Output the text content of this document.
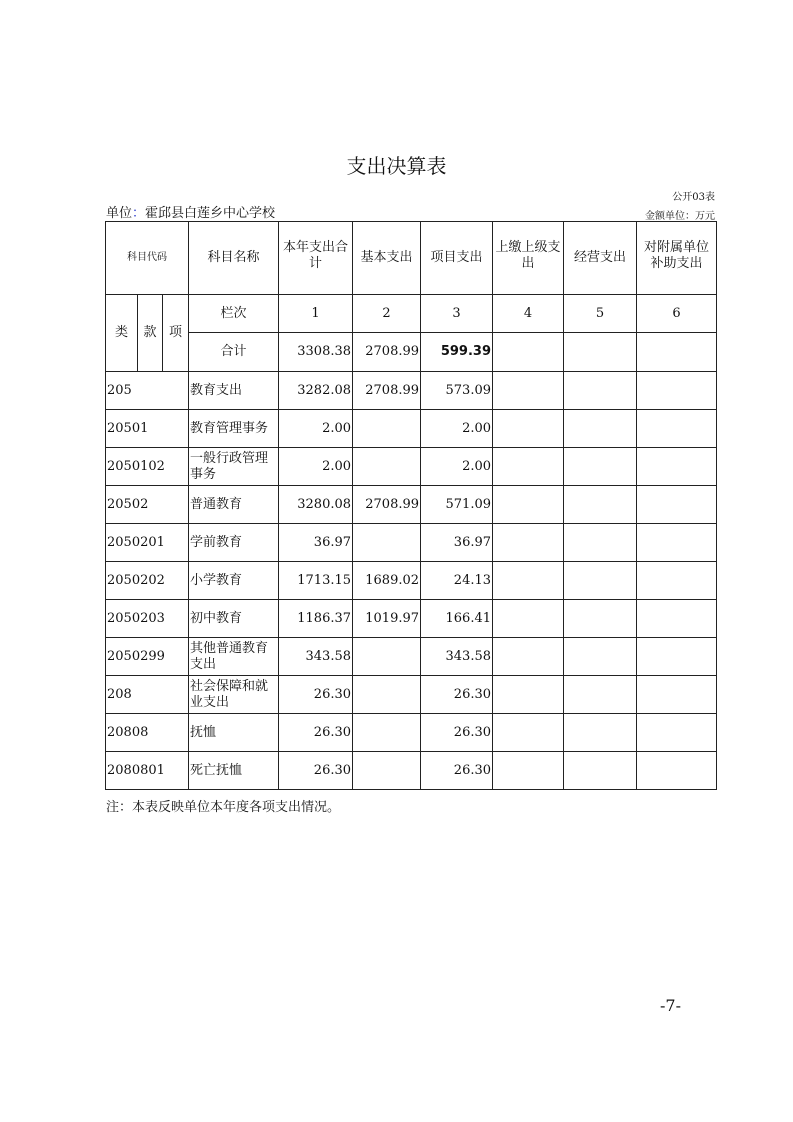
支出决算表
公开03表
单位：霍邱县白莲乡中心学校	金额单位：万元
科目代码			科目名称	本年支出合计	基本支出	项目支出	上缴上级支出	经营支出	对附属单位补助支出
类	款	项	栏次	1	2	3	4	5	6
			合计	3308.38	2708.99	599.39			
205			教育支出	3282.08	2708.99	573.09			
20501			教育管理事务	2.00		2.00			
2050102			一般行政管理事务	2.00		2.00			
20502			普通教育	3280.08	2708.99	571.09			
2050201			学前教育	36.97		36.97			
2050202			小学教育	1713.15	1689.02	24.13			
2050203			初中教育	1186.37	1019.97	166.41			
2050299			其他普通教育支出	343.58		343.58			
208			社会保障和就业支出	26.30		26.30			
20808			抚恤	26.30		26.30			
2080801			死亡抚恤	26.30		26.30			
注：本表反映单位本年度各项支出情况。
-7-
